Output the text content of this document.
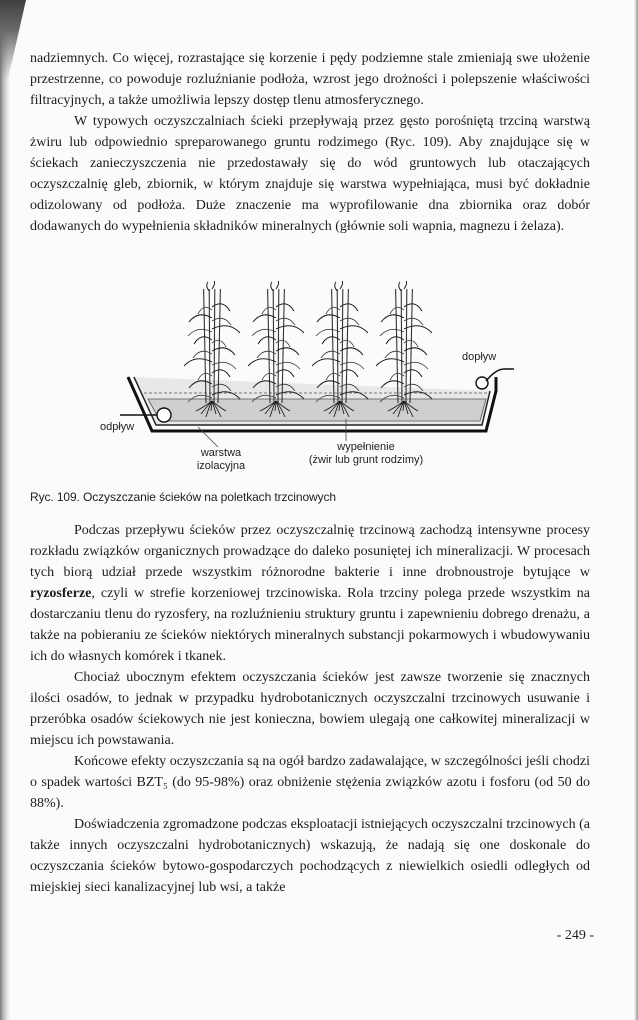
nadziemnych. Co więcej, rozrastające się korzenie i pędy podziemne stale zmieniają swe ułożenie przestrzenne, co powoduje rozluźnianie podłoża, wzrost jego drożności i polepszenie właściwości filtracyjnych, a także umożliwia lepszy dostęp tlenu atmosferycznego.

W typowych oczyszczalniach ścieki przepływają przez gęsto porośniętą trzciną warstwą żwiru lub odpowiednio spreparowanego gruntu rodzimego (Ryc. 109). Aby znajdujące się w ściekach zanieczyszczenia nie przedostawały się do wód gruntowych lub otaczających oczyszczalnię gleb, zbiornik, w którym znajduje się warstwa wypełniająca, musi być dokładnie odizolowany od podłoża. Duże znaczenie ma wyprofilowanie dna zbiornika oraz dobór dodawanych do wypełnienia składników mineralnych (głównie soli wapnia, magnezu i żelaza).

dopływ
odpływ
warstwa
izolacyjna
wypełnienie
(żwir lub grunt rodzimy)
Ryc. 109. Oczyszczanie ścieków na poletkach trzcinowych

Podczas przepływu ścieków przez oczyszczalnię trzcinową zachodzą intensywne procesy rozkładu związków organicznych prowadzące do daleko posuniętej ich mineralizacji. W procesach tych biorą udział przede wszystkim różnorodne bakterie i inne drobnoustroje bytujące w ryzosferze, czyli w strefie korzeniowej trzcinowiska. Rola trzciny polega przede wszystkim na dostarczaniu tlenu do ryzosfery, na rozluźnieniu struktury gruntu i zapewnieniu dobrego drenażu, a także na pobieraniu ze ścieków niektórych mineralnych substancji pokarmowych i wbudowywaniu ich do własnych komórek i tkanek.

Chociaż ubocznym efektem oczyszczania ścieków jest zawsze tworzenie się znacznych ilości osadów, to jednak w przypadku hydrobotanicznych oczyszczalni trzcinowych usuwanie i przeróbka osadów ściekowych nie jest konieczna, bowiem ulegają one całkowitej mineralizacji w miejscu ich powstawania.

Końcowe efekty oczyszczania są na ogół bardzo zadawalające, w szczególności jeśli chodzi o spadek wartości BZT₅ (do 95-98%) oraz obniżenie stężenia związków azotu i fosforu (od 50 do 88%).

Doświadczenia zgromadzone podczas eksploatacji istniejących oczyszczalni trzcinowych (a także innych oczyszczalni hydrobotanicznych) wskazują, że nadają się one doskonale do oczyszczania ścieków bytowo-gospodarczych pochodzących z niewielkich osiedli odległych od miejskiej sieci kanalizacyjnej lub wsi, a także

- 249 -
